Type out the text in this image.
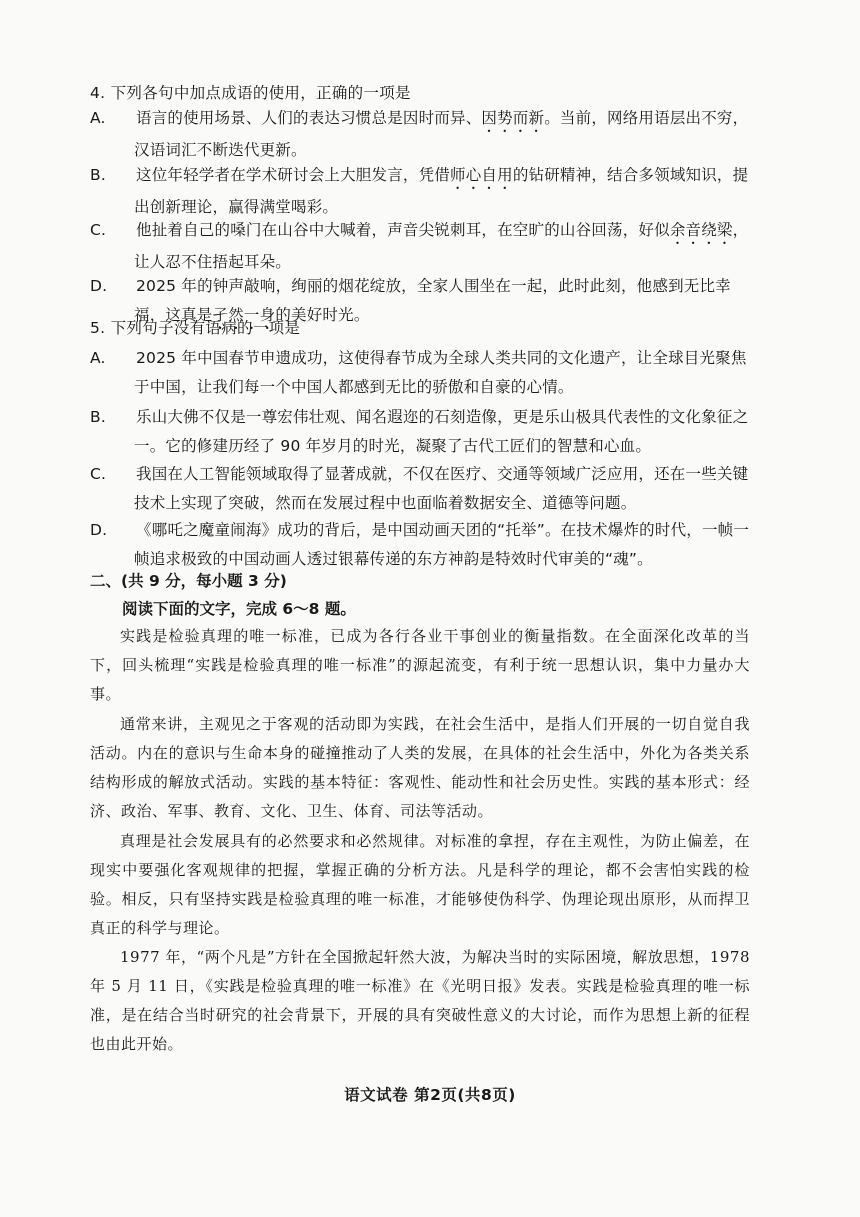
4. 下列各句中加点成语的使用，正确的一项是
A. 语言的使用场景、人们的表达习惯总是因时而异、因势而新。当前，网络用语层出不穷，汉语词汇不断迭代更新。
B. 这位年轻学者在学术研讨会上大胆发言，凭借师心自用的钻研精神，结合多领域知识，提出创新理论，赢得满堂喝彩。
C. 他扯着自己的嗓门在山谷中大喊着，声音尖锐刺耳，在空旷的山谷回荡，好似余音绕梁，让人忍不住捂起耳朵。
D. 2025 年的钟声敲响，绚丽的烟花绽放，全家人围坐在一起，此时此刻，他感到无比幸福，这真是孑然一身的美好时光。
5. 下列句子没有语病的一项是
A. 2025 年中国春节申遗成功，这使得春节成为全球人类共同的文化遗产，让全球目光聚焦于中国，让我们每一个中国人都感到无比的骄傲和自豪的心情。
B. 乐山大佛不仅是一尊宏伟壮观、闻名遐迩的石刻造像，更是乐山极具代表性的文化象征之一。它的修建历经了 90 年岁月的时光，凝聚了古代工匠们的智慧和心血。
C. 我国在人工智能领域取得了显著成就，不仅在医疗、交通等领域广泛应用，还在一些关键技术上实现了突破，然而在发展过程中也面临着数据安全、道德等问题。
D. 《哪吒之魔童闹海》成功的背后，是中国动画天团的“托举”。在技术爆炸的时代，一帧一帧追求极致的中国动画人透过银幕传递的东方神韵是特效时代审美的“魂”。
二、(共 9 分，每小题 3 分)
阅读下面的文字，完成 6～8 题。
实践是检验真理的唯一标准，已成为各行各业干事创业的衡量指数。在全面深化改革的当下，回头梳理“实践是检验真理的唯一标准”的源起流变，有利于统一思想认识，集中力量办大事。
通常来讲，主观见之于客观的活动即为实践，在社会生活中，是指人们开展的一切自觉自我活动。内在的意识与生命本身的碰撞推动了人类的发展，在具体的社会生活中，外化为各类关系结构形成的解放式活动。实践的基本特征：客观性、能动性和社会历史性。实践的基本形式：经济、政治、军事、教育、文化、卫生、体育、司法等活动。
真理是社会发展具有的必然要求和必然规律。对标准的拿捏，存在主观性，为防止偏差，在现实中要强化客观规律的把握，掌握正确的分析方法。凡是科学的理论，都不会害怕实践的检验。相反，只有坚持实践是检验真理的唯一标准，才能够使伪科学、伪理论现出原形，从而捍卫真正的科学与理论。
1977 年，“两个凡是”方针在全国掀起轩然大波，为解决当时的实际困境，解放思想，1978 年 5 月 11 日，《实践是检验真理的唯一标准》在《光明日报》发表。实践是检验真理的唯一标准，是在结合当时研究的社会背景下，开展的具有突破性意义的大讨论，而作为思想上新的征程也由此开始。
语文试卷 第2页(共8页)
